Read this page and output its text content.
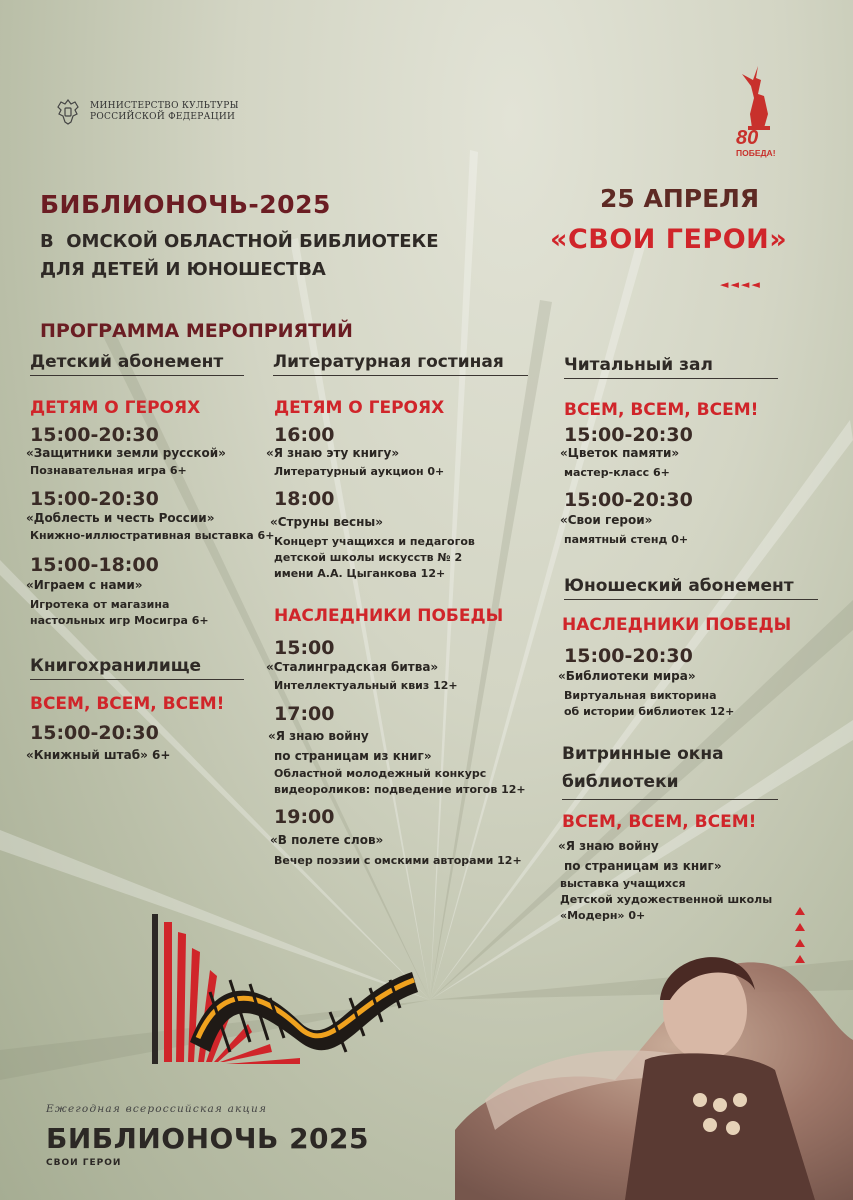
МИНИСТЕРСТВО КУЛЬТУРЫ
РОССИЙСКОЙ ФЕДЕРАЦИИ
80
ПОБЕДА!
БИБЛИОНОЧЬ-2025
В  ОМСКОЙ ОБЛАСТНОЙ БИБЛИОТЕКЕ
ДЛЯ ДЕТЕЙ И ЮНОШЕСТВА
25 АПРЕЛЯ
«СВОИ ГЕРОИ»
◄◄◄◄
ПРОГРАММА МЕРОПРИЯТИЙ
Детский абонемент
ДЕТЯМ О ГЕРОЯХ
15:00-20:30
«Защитники земли русской»
Познавательная игра 6+
15:00-20:30
«Доблесть и честь России»
Книжно-иллюстративная выставка 6+
15:00-18:00
«Играем с нами»
Игротека от магазина
настольных игр Мосигра 6+
Книгохранилище
ВСЕМ, ВСЕМ, ВСЕМ!
15:00-20:30
«Книжный штаб» 6+
Литературная гостиная
ДЕТЯМ О ГЕРОЯХ
16:00
«Я знаю эту книгу»
Литературный аукцион 0+
18:00
«Струны весны»
Концерт учащихся и педагогов
детской школы искусств № 2
имени А.А. Цыганкова 12+
НАСЛЕДНИКИ ПОБЕДЫ
15:00
«Сталинградская битва»
Интеллектуальный квиз 12+
17:00
«Я знаю войну
по страницам из книг»
Областной молодежный конкурс
видеороликов: подведение итогов 12+
19:00
«В полете слов»
Вечер поэзии с омскими авторами 12+
Читальный зал
ВСЕМ, ВСЕМ, ВСЕМ!
15:00-20:30
«Цветок памяти»
мастер-класс 6+
15:00-20:30
«Свои герои»
памятный стенд 0+
Юношеский абонемент
НАСЛЕДНИКИ ПОБЕДЫ
15:00-20:30
«Библиотеки мира»
Виртуальная викторина
об истории библиотек 12+
Витринные окна
библиотеки
ВСЕМ, ВСЕМ, ВСЕМ!
«Я знаю войну
по страницам из книг»
выставка учащихся
Детской художественной школы
«Модерн» 0+
Ежегодная всероссийская акция
БИБЛИОНОЧЬ 2025
СВОИ ГЕРОИ
